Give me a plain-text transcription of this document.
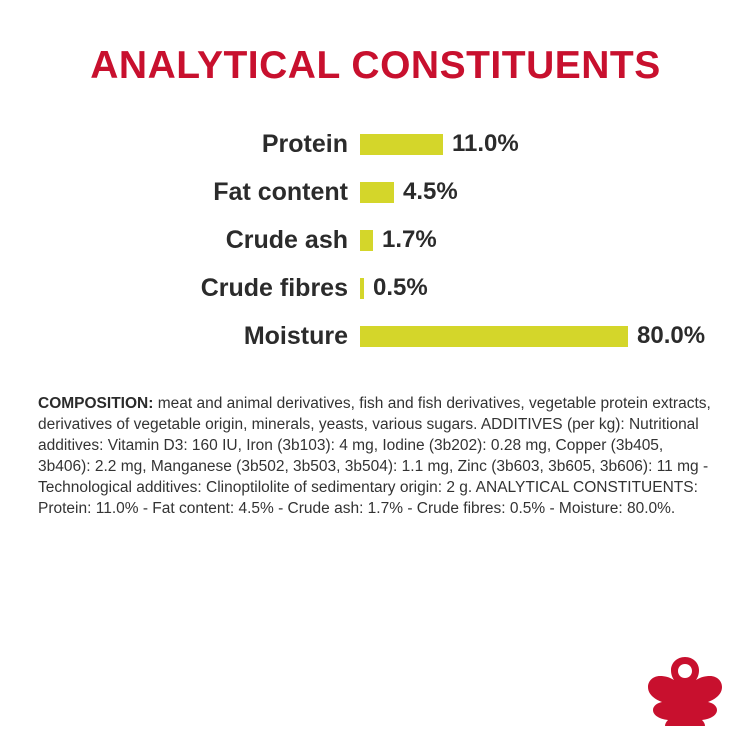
ANALYTICAL CONSTITUENTS
Protein	11.0%
Fat content	4.5%
Crude ash	1.7%
Crude fibres	0.5%
Moisture	80.0%
COMPOSITION: meat and animal derivatives, fish and fish derivatives, vegetable protein extracts, derivatives of vegetable origin, minerals, yeasts, various sugars. ADDITIVES (per kg): Nutritional additives: Vitamin D3: 160 IU, Iron (3b103): 4 mg, Iodine (3b202): 0.28 mg, Copper (3b405, 3b406): 2.2 mg, Manganese (3b502, 3b503, 3b504): 1.1 mg, Zinc (3b603, 3b605, 3b606): 11 mg - Technological additives: Clinoptilolite of sedimentary origin: 2 g. ANALYTICAL CONSTITUENTS: Protein: 11.0% - Fat content: 4.5% - Crude ash: 1.7% - Crude fibres: 0.5% - Moisture: 80.0%.
